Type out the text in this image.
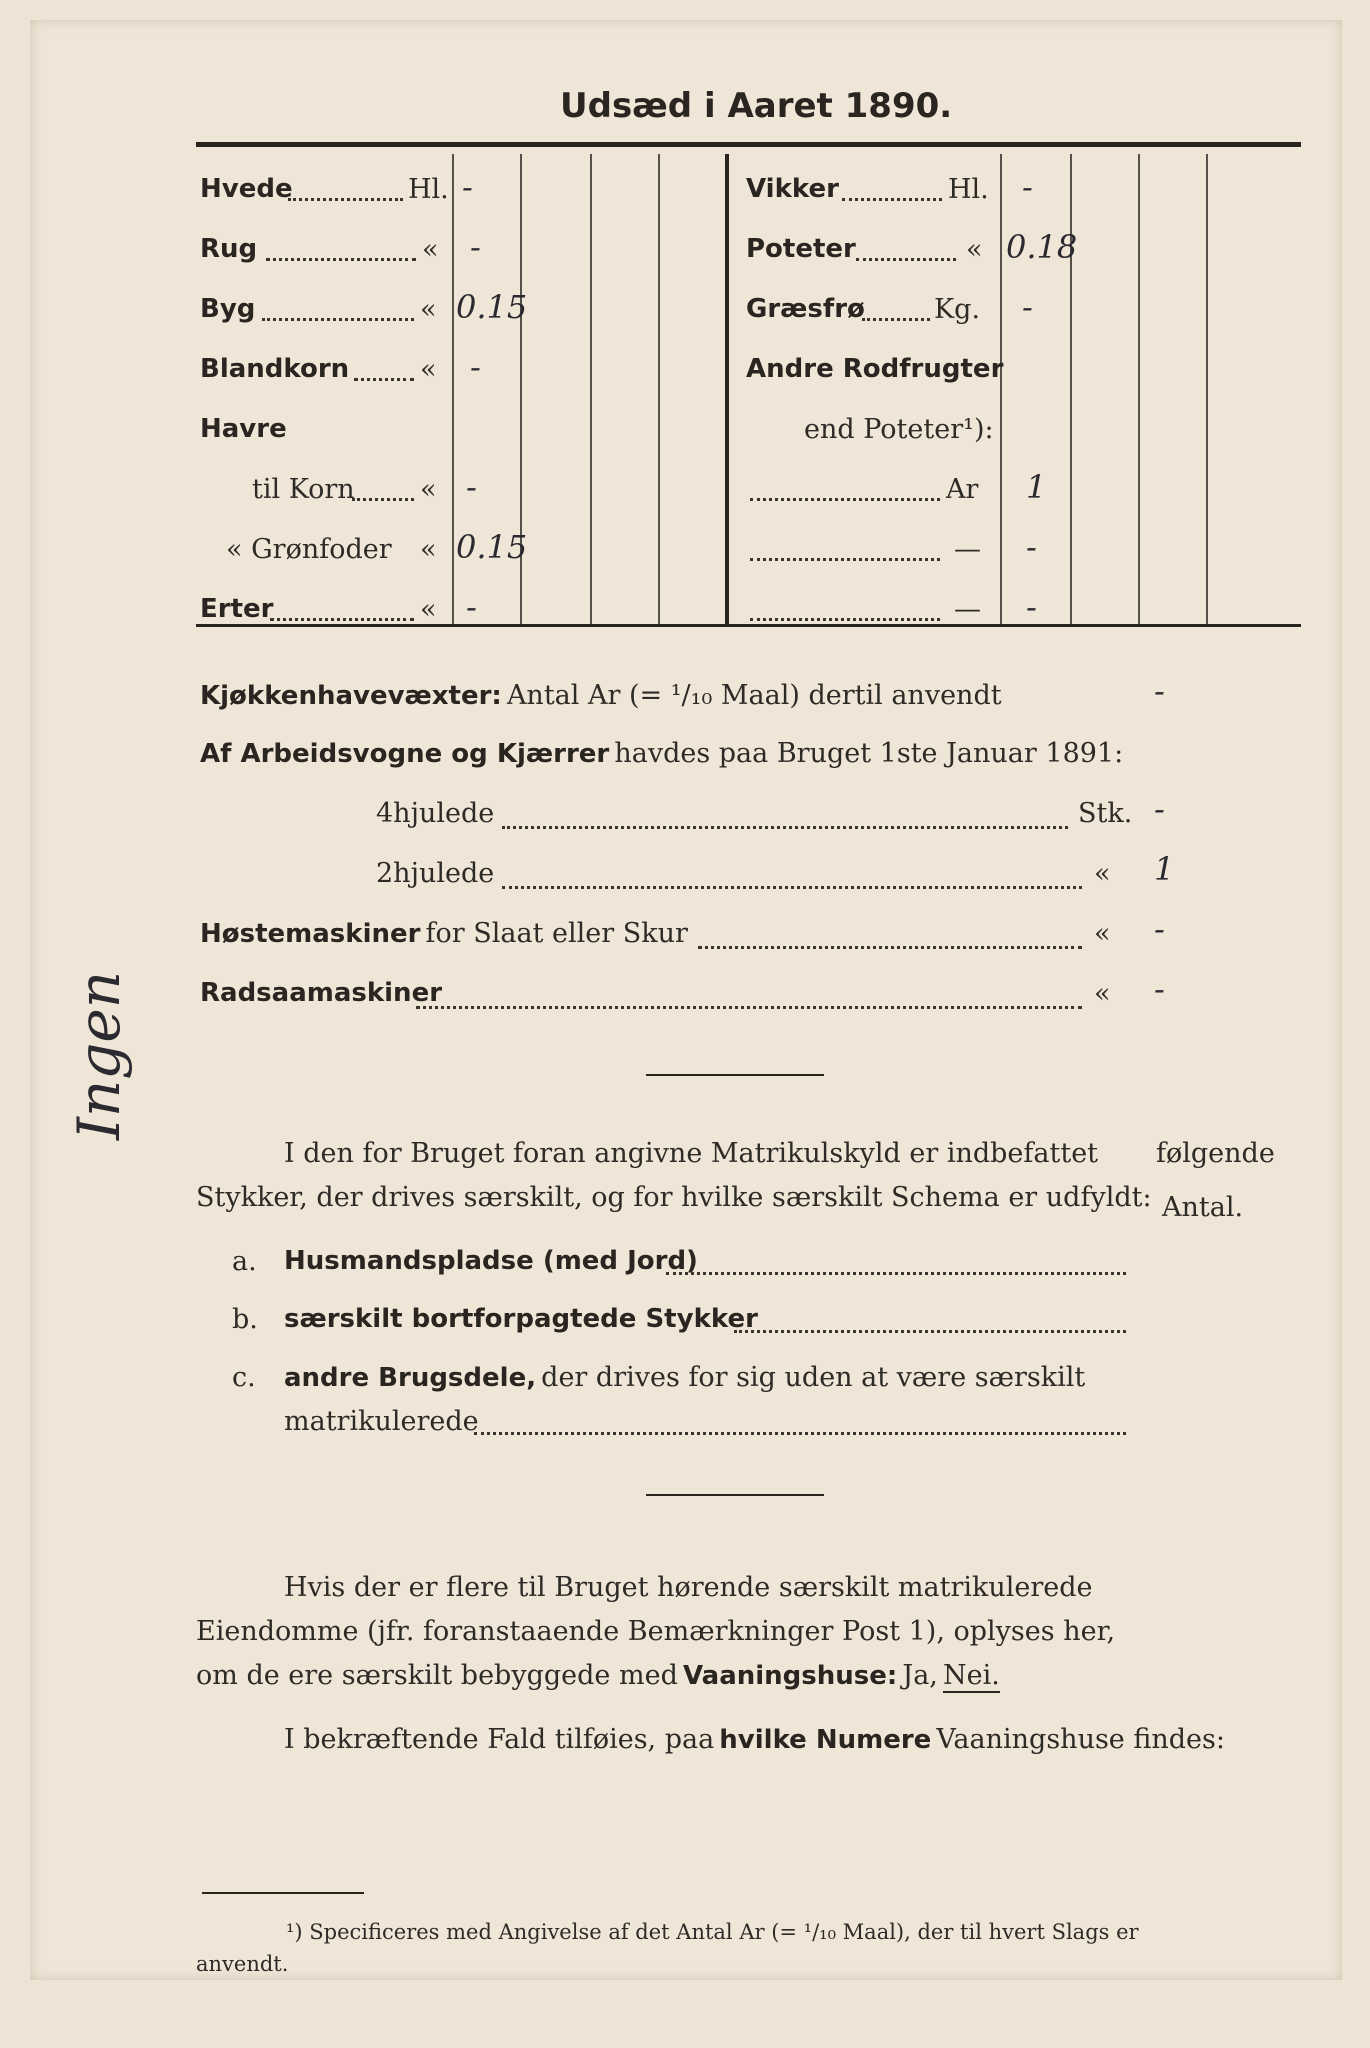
Udsæd i Aaret 1890.
Hvede	Hl. -
Rug	« -
Byg	« 0.15
Blandkorn	« -
Havre
til Korn « -
« Grønfoder « 0.15
Erter	« -
Vikker	Hl. -
Poteter	« 0.18
Græsfrø	Kg. -
Andre Rodfrugter
end Poteter¹):
Ar 1
— -
— -
Kjøkkenhavevæxter: Antal Ar (= ¹/₁₀ Maal) dertil anvendt	-
Af Arbeidsvogne og Kjærrer havdes paa Bruget 1ste Januar 1891:
4hjulede	Stk. -
2hjulede	« 1
Høstemaskiner for Slaat eller Skur	« -
Radsaamaskiner	« -
I den for Bruget foran angivne Matrikulskyld er indbefattet følgende
Stykker, der drives særskilt, og for hvilke særskilt Schema er udfyldt: Antal.
a. Husmandspladse (med Jord)
b. særskilt bortforpagtede Stykker
c. andre Brugsdele, der drives for sig uden at være særskilt
matrikulerede
Hvis der er flere til Bruget hørende særskilt matrikulerede
Eiendomme (jfr. foranstaaende Bemærkninger Post 1), oplyses her,
om de ere særskilt bebyggede med Vaaningshuse: Ja, Nei.
I bekræftende Fald tilføies, paa hvilke Numere Vaaningshuse findes:
¹) Specificeres med Angivelse af det Antal Ar (= ¹/₁₀ Maal), der til hvert Slags er
anvendt.
Ingen
